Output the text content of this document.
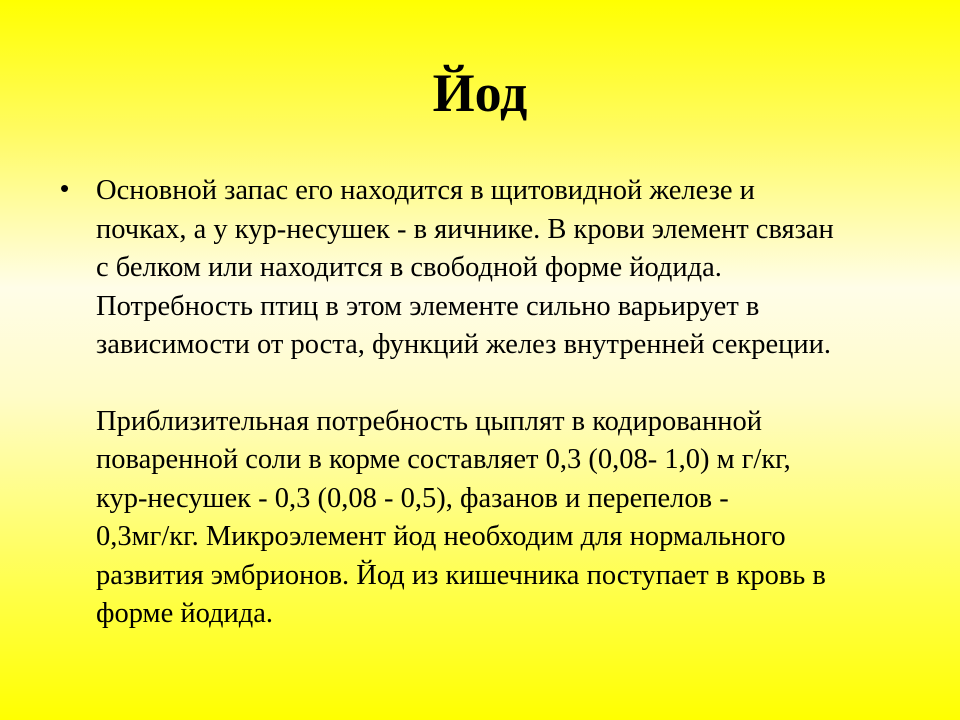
Йод
• Основной запас его находится в щитовидной железе и
почках, а у кур-несушек - в яичнике. В крови элемент связан
с белком или находится в свободной форме йодида.
Потребность птиц в этом элементе сильно варьирует в
зависимости от роста, функций желез внутренней секреции.

Приблизительная потребность цыплят в кодированной
поваренной соли в корме составляет 0,3 (0,08- 1,0) м г/кг,
кур-несушек - 0,3 (0,08 - 0,5), фазанов и перепелов -
0,3мг/кг. Микроэлемент йод необходим для нормального
развития эмбрионов. Йод из кишечника поступает в кровь в
форме йодида.
